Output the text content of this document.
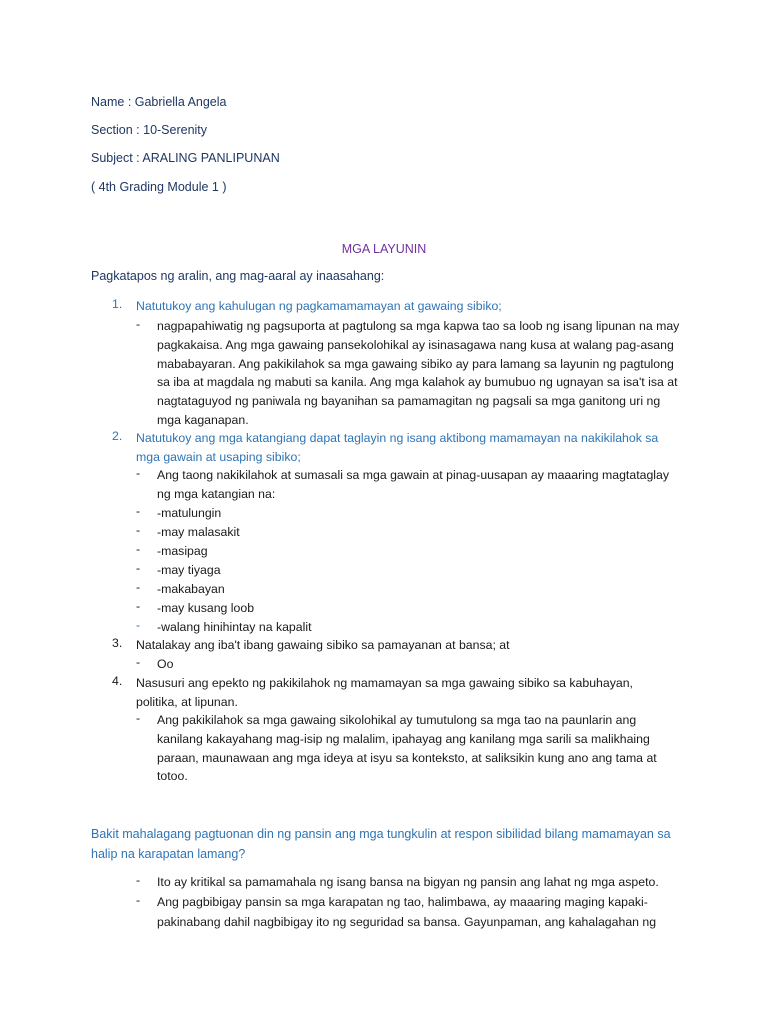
Name : Gabriella Angela

Section : 10-Serenity

Subject : ARALING PANLIPUNAN

( 4th Grading Module 1 )

MGA LAYUNIN

Pagkatapos ng aralin, ang mag-aaral ay inaasahang:

1.	Natutukoy ang kahulugan ng pagkamamamayan at gawaing sibiko;

-	nagpapahiwatig ng pagsuporta at pagtulong sa mga kapwa tao sa loob ng isang lipunan na may pagkakaisa. Ang mga gawaing pansekolohikal ay isinasagawa nang kusa at walang pag-asang mababayaran. Ang pakikilahok sa mga gawaing sibiko ay para lamang sa layunin ng pagtulong sa iba at magdala ng mabuti sa kanila. Ang mga kalahok ay bumubuo ng ugnayan sa isa't isa at nagtataguyod ng paniwala ng bayanihan sa pamamagitan ng pagsali sa mga ganitong uri ng mga kaganapan.

2.	Natutukoy ang mga katangiang dapat taglayin ng isang aktibong mamamayan na nakikilahok sa mga gawain at usaping sibiko;

-	Ang taong nakikilahok at sumasali sa mga gawain at pinag-uusapan ay maaaring magtataglay ng mga katangian na:

-	-matulungin

-	-may malasakit

-	-masipag

-	-may tiyaga

-	-makabayan

-	-may kusang loob

-	-walang hinihintay na kapalit

3.	Natalakay ang iba't ibang gawaing sibiko sa pamayanan at bansa; at

-	Oo

4.	Nasusuri ang epekto ng pakikilahok ng mamamayan sa mga gawaing sibiko sa kabuhayan, politika, at lipunan.

-	Ang pakikilahok sa mga gawaing sikolohikal ay tumutulong sa mga tao na paunlarin ang kanilang kakayahang mag-isip ng malalim, ipahayag ang kanilang mga sarili sa malikhaing paraan, maunawaan ang mga ideya at isyu sa konteksto, at saliksikin kung ano ang tama at totoo.

Bakit mahalagang pagtuonan din ng pansin ang mga tungkulin at respon sibilidad bilang mamamayan sa halip na karapatan lamang?

- Ito ay kritikal sa pamamahala ng isang bansa na bigyan ng pansin ang lahat ng mga aspeto.

- Ang pagbibigay pansin sa mga karapatan ng tao, halimbawa, ay maaaring maging kapaki-pakinabang dahil nagbibigay ito ng seguridad sa bansa. Gayunpaman, ang kahalagahan ng
